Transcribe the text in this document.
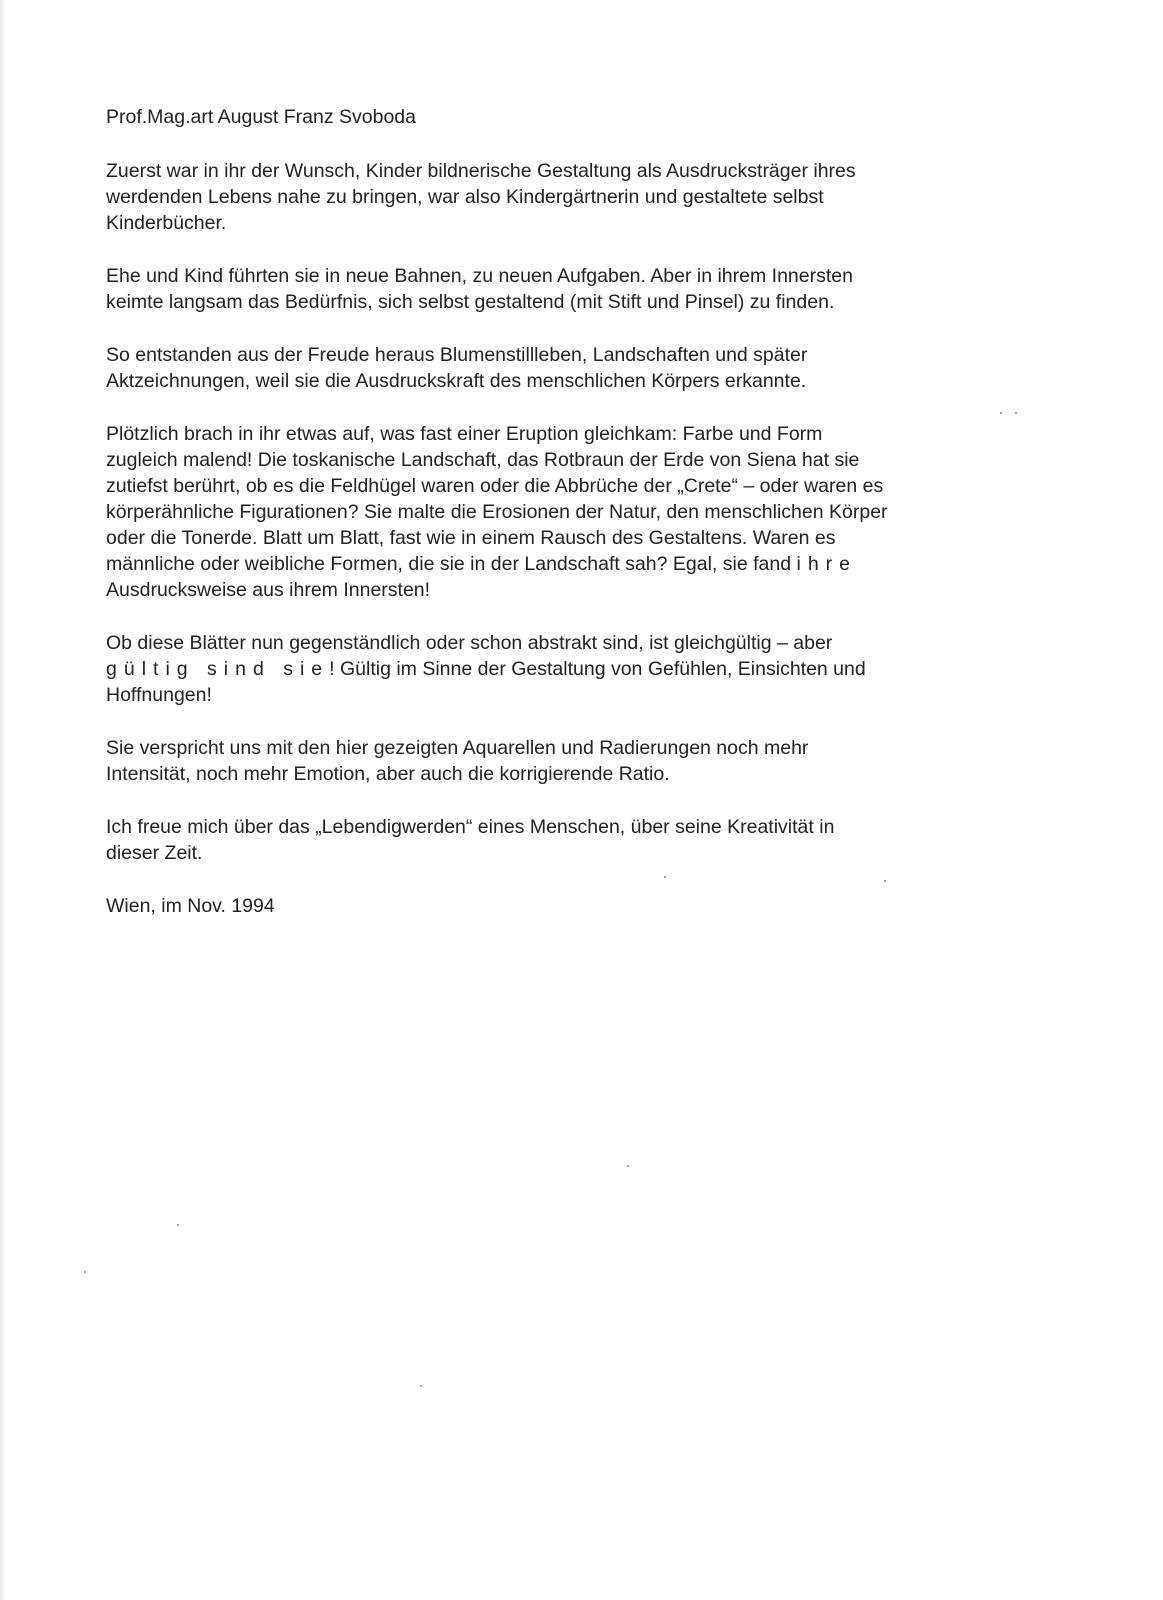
Prof.Mag.art August Franz Svoboda

Zuerst war in ihr der Wunsch, Kinder bildnerische Gestaltung als Ausdrucksträger ihres

werdenden Lebens nahe zu bringen, war also Kindergärtnerin und gestaltete selbst

Kinderbücher.

Ehe und Kind führten sie in neue Bahnen, zu neuen Aufgaben. Aber in ihrem Innersten

keimte langsam das Bedürfnis, sich selbst gestaltend (mit Stift und Pinsel) zu finden.

So entstanden aus der Freude heraus Blumenstillleben, Landschaften und später

Aktzeichnungen, weil sie die Ausdruckskraft des menschlichen Körpers erkannte.

Plötzlich brach in ihr etwas auf, was fast einer Eruption gleichkam: Farbe und Form

zugleich malend! Die toskanische Landschaft, das Rotbraun der Erde von Siena hat sie

zutiefst berührt, ob es die Feldhügel waren oder die Abbrüche der „Crete“ – oder waren es

körperähnliche Figurationen? Sie malte die Erosionen der Natur, den menschlichen Körper

oder die Tonerde. Blatt um Blatt, fast wie in einem Rausch des Gestaltens. Waren es

männliche oder weibliche Formen, die sie in der Landschaft sah? Egal, sie fand ihre

Ausdrucksweise aus ihrem Innersten!

Ob diese Blätter nun gegenständlich oder schon abstrakt sind, ist gleichgültig – aber

gültig sind sie! Gültig im Sinne der Gestaltung von Gefühlen, Einsichten und

Hoffnungen!

Sie verspricht uns mit den hier gezeigten Aquarellen und Radierungen noch mehr

Intensität, noch mehr Emotion, aber auch die korrigierende Ratio.

Ich freue mich über das „Lebendigwerden“ eines Menschen, über seine Kreativität in

dieser Zeit.

Wien, im Nov. 1994
